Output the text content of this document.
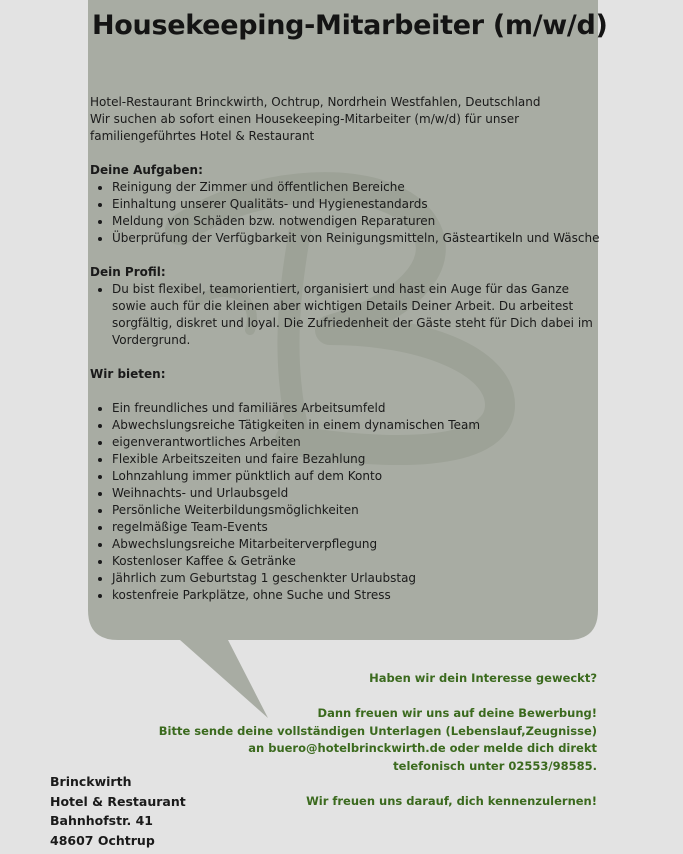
Housekeeping-Mitarbeiter (m/w/d)

Hotel-Restaurant Brinckwirth, Ochtrup, Nordrhein Westfahlen, Deutschland

Wir suchen ab sofort einen Housekeeping-Mitarbeiter (m/w/d) für unser familiengeführtes Hotel & Restaurant

Deine Aufgaben:

• Reinigung der Zimmer und öffentlichen Bereiche
• Einhaltung unserer Qualitäts- und Hygienestandards
• Meldung von Schäden bzw. notwendigen Reparaturen
• Überprüfung der Verfügbarkeit von Reinigungsmitteln, Gästeartikeln und Wäsche

Dein Profil:

• Du bist flexibel, teamorientiert, organisiert und hast ein Auge für das Ganze sowie auch für die kleinen aber wichtigen Details Deiner Arbeit. Du arbeitest sorgfältig, diskret und loyal. Die Zufriedenheit der Gäste steht für Dich dabei im Vordergrund.

Wir bieten:

• Ein freundliches und familiäres Arbeitsumfeld
• Abwechslungsreiche Tätigkeiten in einem dynamischen Team
• eigenverantwortliches Arbeiten
• Flexible Arbeitszeiten und faire Bezahlung
• Lohnzahlung immer pünktlich auf dem Konto
• Weihnachts- und Urlaubsgeld
• Persönliche Weiterbildungsmöglichkeiten
• regelmäßige Team-Events
• Abwechslungsreiche Mitarbeiterverpflegung
• Kostenloser Kaffee & Getränke
• Jährlich zum Geburtstag 1 geschenkter Urlaubstag
• kostenfreie Parkplätze, ohne Suche und Stress

Haben wir dein Interesse geweckt?

Dann freuen wir uns auf deine Bewerbung!

Bitte sende deine vollständigen Unterlagen (Lebenslauf,Zeugnisse)

an buero@hotelbrinckwirth.de oder melde dich direkt

telefonisch unter 02553/98585.

Wir freuen uns darauf, dich kennenzulernen!

Brinckwirth

Hotel & Restaurant

Bahnhofstr. 41

48607 Ochtrup
